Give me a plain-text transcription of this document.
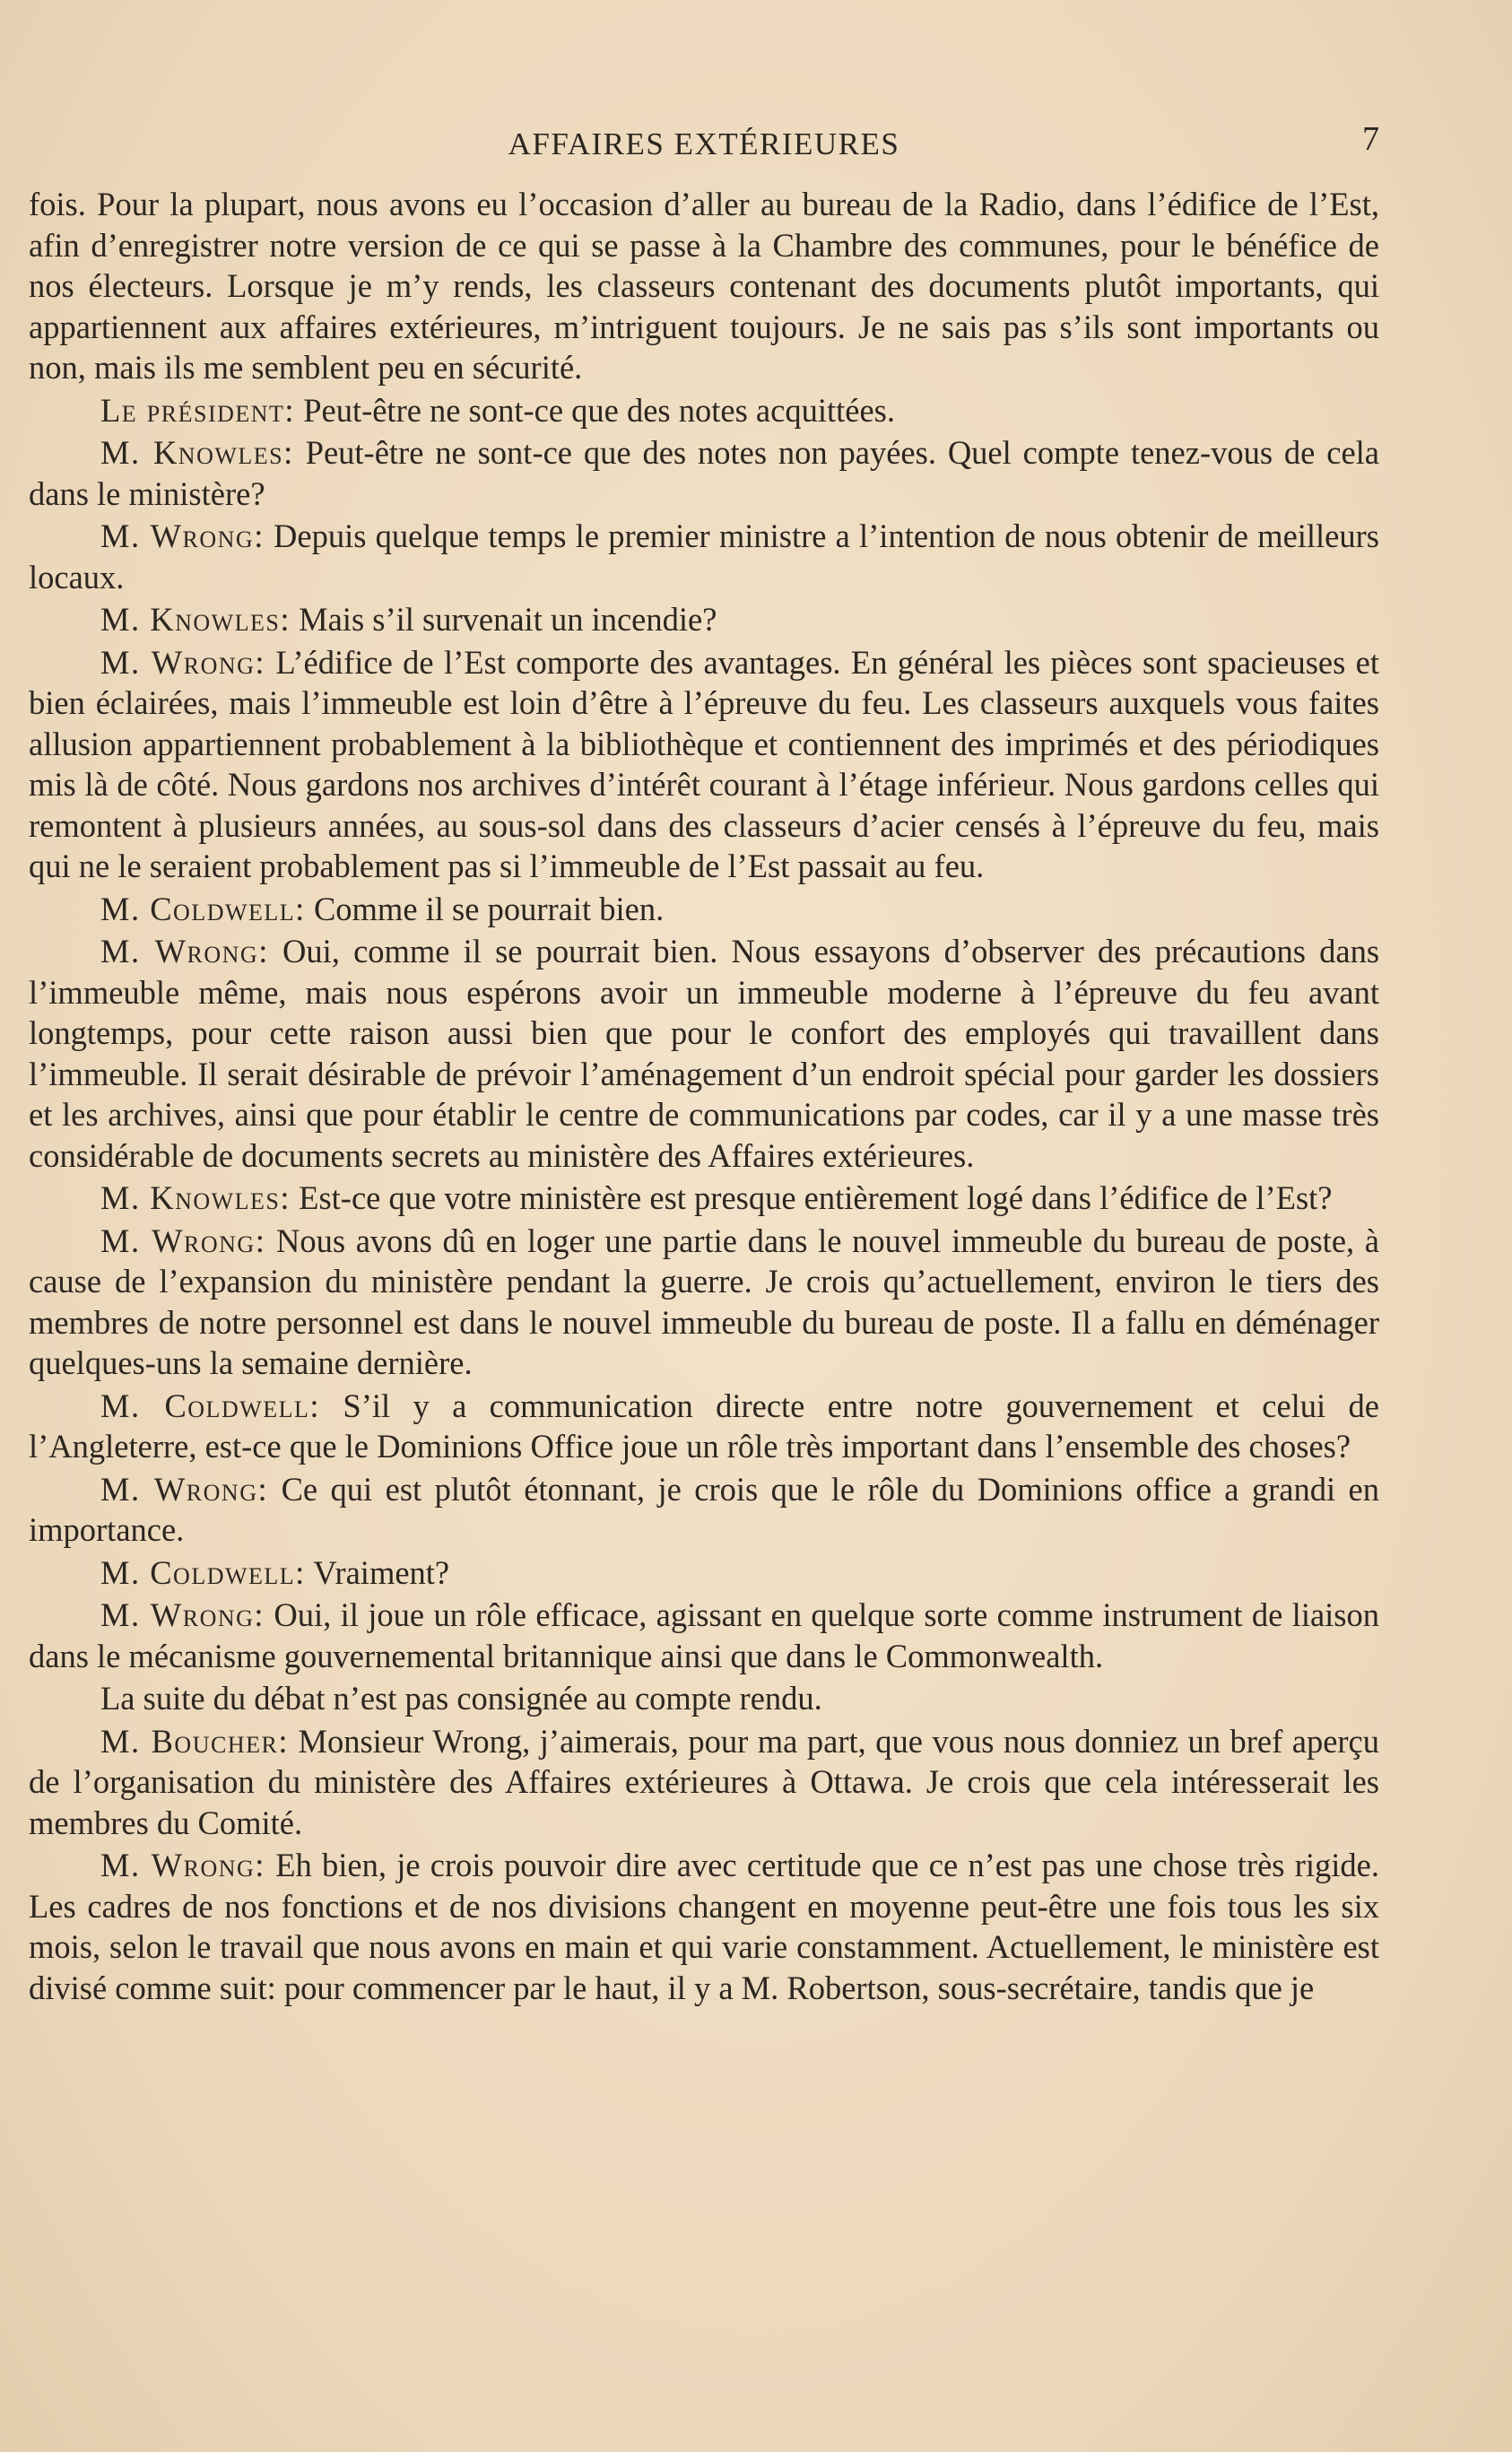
AFFAIRES EXTÉRIEURES	7

fois. Pour la plupart, nous avons eu l’occasion d’aller au bureau de la Radio, dans l’édifice de l’Est, afin d’enregistrer notre version de ce qui se passe à la Chambre des communes, pour le bénéfice de nos électeurs. Lorsque je m’y rends, les classeurs contenant des documents plutôt importants, qui appartiennent aux affaires extérieures, m’intriguent toujours. Je ne sais pas s’ils sont importants ou non, mais ils me semblent peu en sécurité.

Le président: Peut-être ne sont-ce que des notes acquittées.

M. Knowles: Peut-être ne sont-ce que des notes non payées. Quel compte tenez-vous de cela dans le ministère?

M. Wrong: Depuis quelque temps le premier ministre a l’intention de nous obtenir de meilleurs locaux.

M. Knowles: Mais s’il survenait un incendie?

M. Wrong: L’édifice de l’Est comporte des avantages. En général les pièces sont spacieuses et bien éclairées, mais l’immeuble est loin d’être à l’épreuve du feu. Les classeurs auxquels vous faites allusion appartiennent probablement à la bibliothèque et contiennent des imprimés et des périodiques mis là de côté. Nous gardons nos archives d’intérêt courant à l’étage inférieur. Nous gardons celles qui remontent à plusieurs années, au sous-sol dans des classeurs d’acier censés à l’épreuve du feu, mais qui ne le seraient probablement pas si l’immeuble de l’Est passait au feu.

M. Coldwell: Comme il se pourrait bien.

M. Wrong: Oui, comme il se pourrait bien. Nous essayons d’observer des précautions dans l’immeuble même, mais nous espérons avoir un immeuble moderne à l’épreuve du feu avant longtemps, pour cette raison aussi bien que pour le confort des employés qui travaillent dans l’immeuble. Il serait désirable de prévoir l’aménagement d’un endroit spécial pour garder les dossiers et les archives, ainsi que pour établir le centre de communications par codes, car il y a une masse très considérable de documents secrets au ministère des Affaires extérieures.

M. Knowles: Est-ce que votre ministère est presque entièrement logé dans l’édifice de l’Est?

M. Wrong: Nous avons dû en loger une partie dans le nouvel immeuble du bureau de poste, à cause de l’expansion du ministère pendant la guerre. Je crois qu’actuellement, environ le tiers des membres de notre personnel est dans le nouvel immeuble du bureau de poste. Il a fallu en déménager quelques-uns la semaine dernière.

M. Coldwell: S’il y a communication directe entre notre gouvernement et celui de l’Angleterre, est-ce que le Dominions Office joue un rôle très important dans l’ensemble des choses?

M. Wrong: Ce qui est plutôt étonnant, je crois que le rôle du Dominions office a grandi en importance.

M. Coldwell: Vraiment?

M. Wrong: Oui, il joue un rôle efficace, agissant en quelque sorte comme instrument de liaison dans le mécanisme gouvernemental britannique ainsi que dans le Commonwealth.

La suite du débat n’est pas consignée au compte rendu.

M. Boucher: Monsieur Wrong, j’aimerais, pour ma part, que vous nous donniez un bref aperçu de l’organisation du ministère des Affaires extérieures à Ottawa. Je crois que cela intéresserait les membres du Comité.

M. Wrong: Eh bien, je crois pouvoir dire avec certitude que ce n’est pas une chose très rigide. Les cadres de nos fonctions et de nos divisions changent en moyenne peut-être une fois tous les six mois, selon le travail que nous avons en main et qui varie constamment. Actuellement, le ministère est divisé comme suit: pour commencer par le haut, il y a M. Robertson, sous-secrétaire, tandis que je
